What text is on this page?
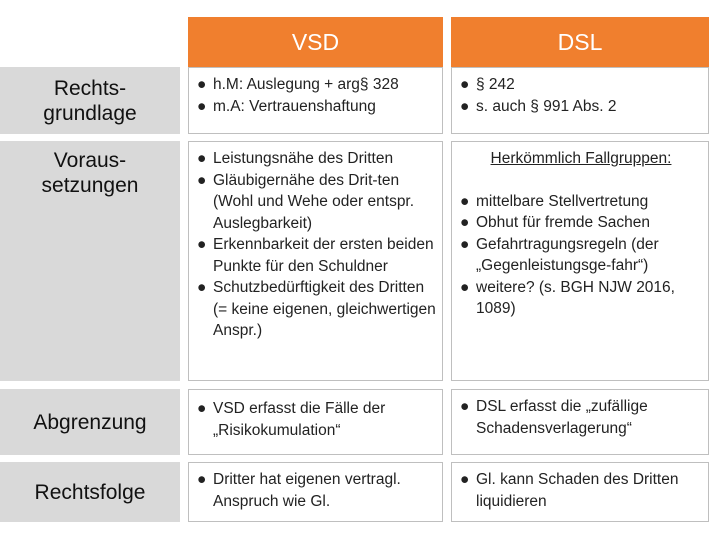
VSD	DSL
Rechts-
grundlage
● h.M: Auslegung + arg§ 328
● m.A: Vertrauenshaftung
● § 242
● s. auch § 991 Abs. 2
Voraus-
setzungen
● Leistungsnähe des Dritten
● Gläubigernähe des Drit-ten (Wohl und Wehe oder entspr. Auslegbarkeit)
● Erkennbarkeit der ersten beiden Punkte für den Schuldner
● Schutzbedürftigkeit des Dritten (= keine eigenen, gleichwertigen Anspr.)
Herkömmlich Fallgruppen:
● mittelbare Stellvertretung
● Obhut für fremde Sachen
● Gefahrtragungsregeln (der „Gegenleistungsge-fahr“)
● weitere? (s. BGH NJW 2016, 1089)
Abgrenzung
● VSD erfasst die Fälle der „Risikokumulation“
● DSL erfasst die „zufällige Schadensverlagerung“
Rechtsfolge
● Dritter hat eigenen vertragl. Anspruch wie Gl.
● Gl. kann Schaden des Dritten liquidieren
